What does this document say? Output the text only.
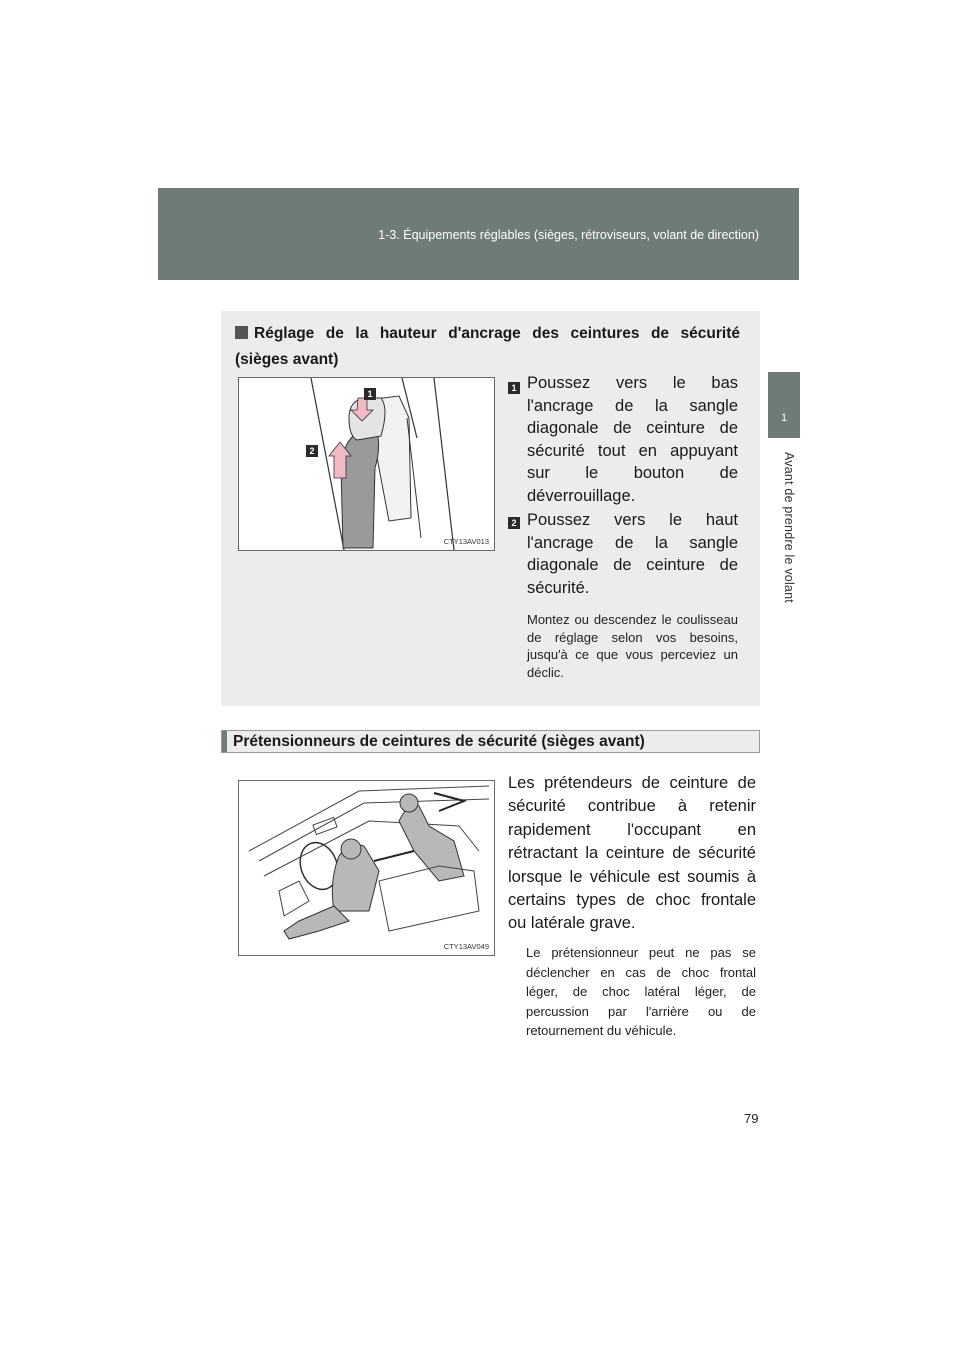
1-3. Équipements réglables (sièges, rétroviseurs, volant de direction)
1
Avant de prendre le volant
Réglage de la hauteur d'ancrage des ceintures de sécurité (sièges avant)
1
2
CTY13AV013
1 Poussez vers le bas
l'ancrage de la sangle
diagonale de ceinture de
sécurité tout en appuyant
sur le bouton de
déverrouillage.
2 Poussez vers le haut
l'ancrage de la sangle
diagonale de ceinture de
sécurité.
Montez ou descendez le coulisseau de réglage selon vos besoins, jusqu'à ce que vous perceviez un déclic.
Prétensionneurs de ceintures de sécurité (sièges avant)
CTY13AV049
Les prétendeurs de ceinture de
sécurité contribue à retenir
rapidement l'occupant en
rétractant la ceinture de sécurité
lorsque le véhicule est soumis à
certains types de choc frontale
ou latérale grave.
Le prétensionneur peut ne pas se
déclencher en cas de choc frontal
léger, de choc latéral léger, de
percussion par l'arrière ou de
retournement du véhicule.
79
